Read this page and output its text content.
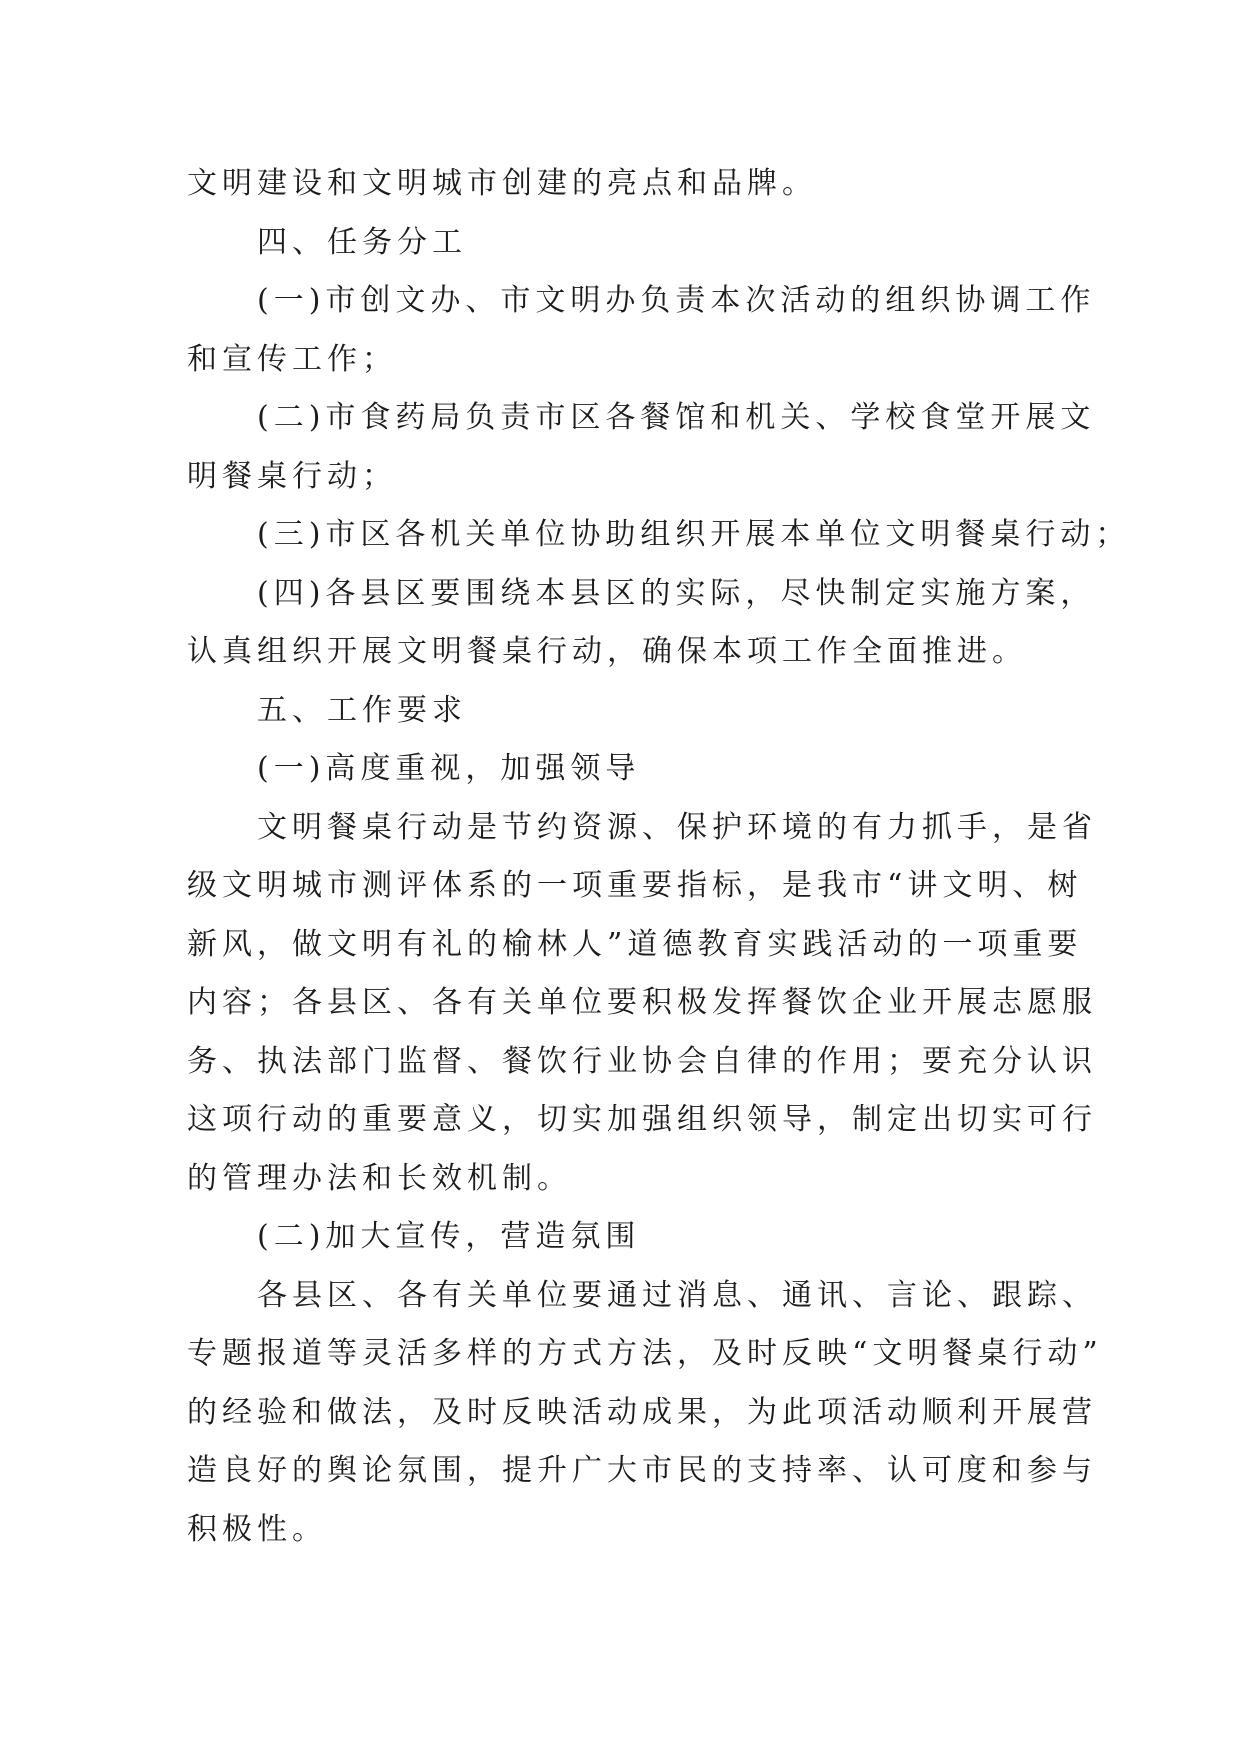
文明建设和文明城市创建的亮点和品牌。
四、任务分工
(一)市创文办、市文明办负责本次活动的组织协调工作
和宣传工作；
(二)市食药局负责市区各餐馆和机关、学校食堂开展文
明餐桌行动；
(三)市区各机关单位协助组织开展本单位文明餐桌行动；
(四)各县区要围绕本县区的实际，尽快制定实施方案，
认真组织开展文明餐桌行动，确保本项工作全面推进。
五、工作要求
(一)高度重视，加强领导
文明餐桌行动是节约资源、保护环境的有力抓手，是省
级文明城市测评体系的一项重要指标，是我市“讲文明、树
新风，做文明有礼的榆林人”道德教育实践活动的一项重要
内容；各县区、各有关单位要积极发挥餐饮企业开展志愿服
务、执法部门监督、餐饮行业协会自律的作用；要充分认识
这项行动的重要意义，切实加强组织领导，制定出切实可行
的管理办法和长效机制。
(二)加大宣传，营造氛围
各县区、各有关单位要通过消息、通讯、言论、跟踪、
专题报道等灵活多样的方式方法，及时反映“文明餐桌行动”
的经验和做法，及时反映活动成果，为此项活动顺利开展营
造良好的舆论氛围，提升广大市民的支持率、认可度和参与
积极性。
